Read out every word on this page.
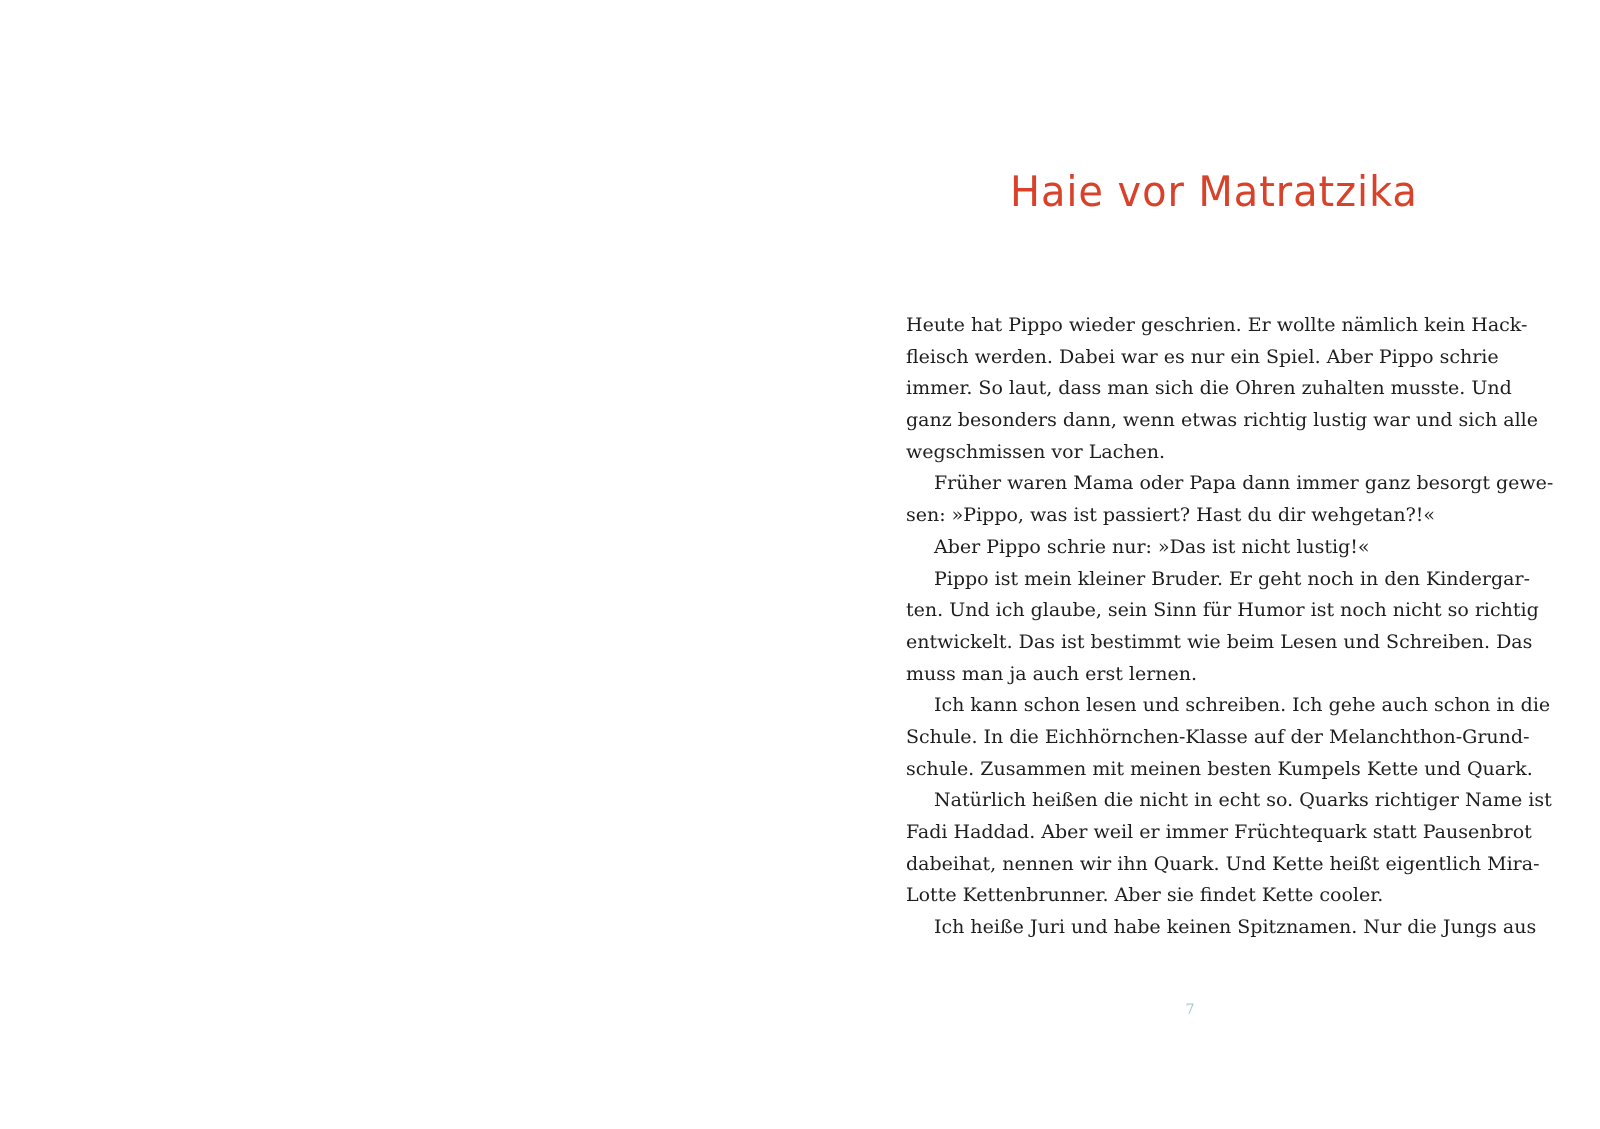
Haie vor Matratzika
Heute hat Pippo wieder geschrien. Er wollte nämlich kein Hack-
fleisch werden. Dabei war es nur ein Spiel. Aber Pippo schrie
immer. So laut, dass man sich die Ohren zuhalten musste. Und
ganz besonders dann, wenn etwas richtig lustig war und sich alle
wegschmissen vor Lachen.
Früher waren Mama oder Papa dann immer ganz besorgt gewe-
sen: »Pippo, was ist passiert? Hast du dir wehgetan?!«
Aber Pippo schrie nur: »Das ist nicht lustig!«
Pippo ist mein kleiner Bruder. Er geht noch in den Kindergar-
ten. Und ich glaube, sein Sinn für Humor ist noch nicht so richtig
entwickelt. Das ist bestimmt wie beim Lesen und Schreiben. Das
muss man ja auch erst lernen.
Ich kann schon lesen und schreiben. Ich gehe auch schon in die
Schule. In die Eichhörnchen-Klasse auf der Melanchthon-Grund-
schule. Zusammen mit meinen besten Kumpels Kette und Quark.
Natürlich heißen die nicht in echt so. Quarks richtiger Name ist
Fadi Haddad. Aber weil er immer Früchtequark statt Pausenbrot
dabeihat, nennen wir ihn Quark. Und Kette heißt eigentlich Mira-
Lotte Kettenbrunner. Aber sie findet Kette cooler.
Ich heiße Juri und habe keinen Spitznamen. Nur die Jungs aus
7
